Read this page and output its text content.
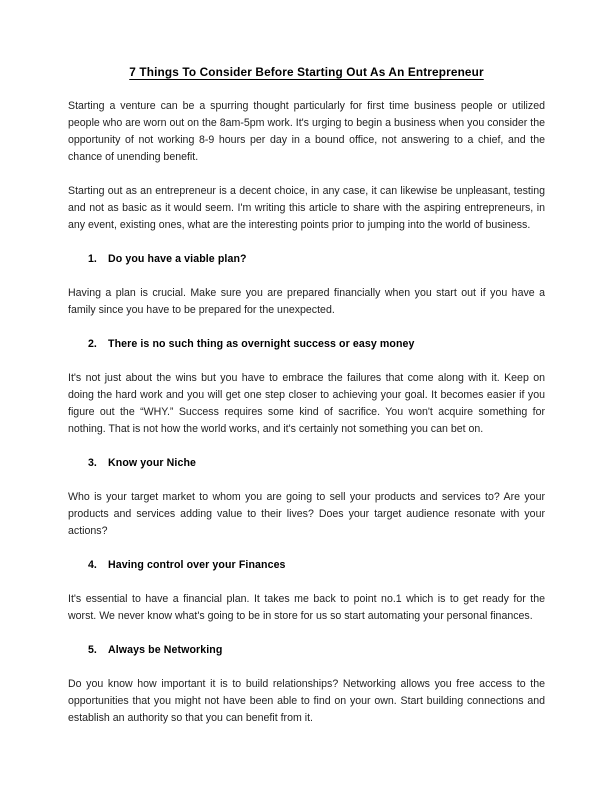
7 Things To Consider Before Starting Out As An Entrepreneur

Starting a venture can be a spurring thought particularly for first time business people or utilized people who are worn out on the 8am-5pm work. It's urging to begin a business when you consider the opportunity of not working 8-9 hours per day in a bound office, not answering to a chief, and the chance of unending benefit.

Starting out as an entrepreneur is a decent choice, in any case, it can likewise be unpleasant, testing and not as basic as it would seem. I'm writing this article to share with the aspiring entrepreneurs, in any event, existing ones, what are the interesting points prior to jumping into the world of business.

1.	Do you have a viable plan?

Having a plan is crucial. Make sure you are prepared financially when you start out if you have a family since you have to be prepared for the unexpected.

2.	There is no such thing as overnight success or easy money

It's not just about the wins but you have to embrace the failures that come along with it. Keep on doing the hard work and you will get one step closer to achieving your goal. It becomes easier if you figure out the “WHY.” Success requires some kind of sacrifice. You won't acquire something for nothing. That is not how the world works, and it's certainly not something you can bet on.

3.	Know your Niche

Who is your target market to whom you are going to sell your products and services to? Are your products and services adding value to their lives? Does your target audience resonate with your actions?

4.	Having control over your Finances

It's essential to have a financial plan. It takes me back to point no.1 which is to get ready for the worst. We never know what's going to be in store for us so start automating your personal finances.

5.	Always be Networking

Do you know how important it is to build relationships? Networking allows you free access to the opportunities that you might not have been able to find on your own. Start building connections and establish an authority so that you can benefit from it.
